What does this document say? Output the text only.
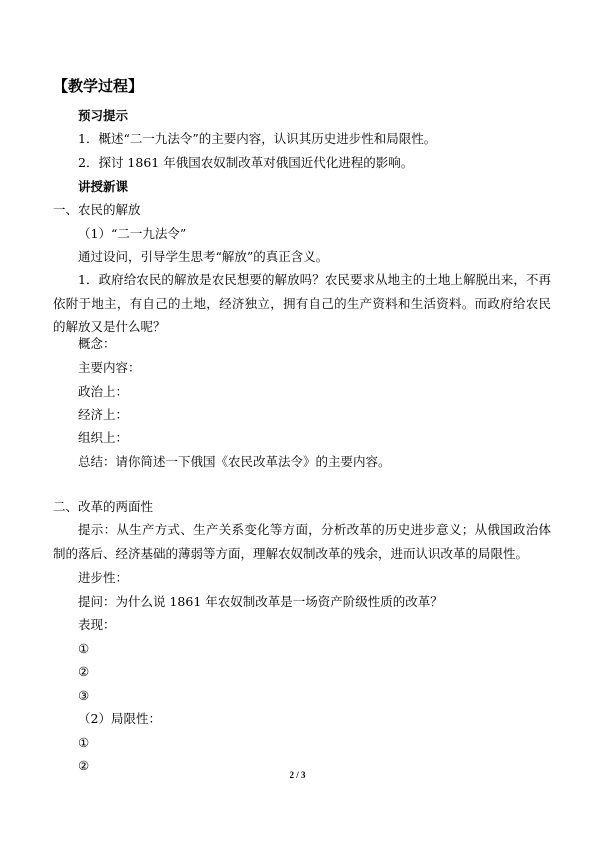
【教学过程】
预习提示
1．概述“二一九法令”的主要内容，认识其历史进步性和局限性。
2．探讨 1861 年俄国农奴制改革对俄国近代化进程的影响。
讲授新课
一、农民的解放
（1）“二一九法令”
通过设问，引导学生思考“解放”的真正含义。
1．政府给农民的解放是农民想要的解放吗？农民要求从地主的土地上解脱出来，不再依附于地主，有自己的土地，经济独立，拥有自己的生产资料和生活资料。而政府给农民的解放又是什么呢？
概念：
主要内容：
政治上：
经济上：
组织上：
总结：请你简述一下俄国《农民改革法令》的主要内容。
二、改革的两面性
提示：从生产方式、生产关系变化等方面，分析改革的历史进步意义；从俄国政治体制的落后、经济基础的薄弱等方面，理解农奴制改革的残余，进而认识改革的局限性。
进步性：
提问：为什么说 1861 年农奴制改革是一场资产阶级性质的改革？
表现：
①
②
③
（2）局限性：
①
②
2 / 3
